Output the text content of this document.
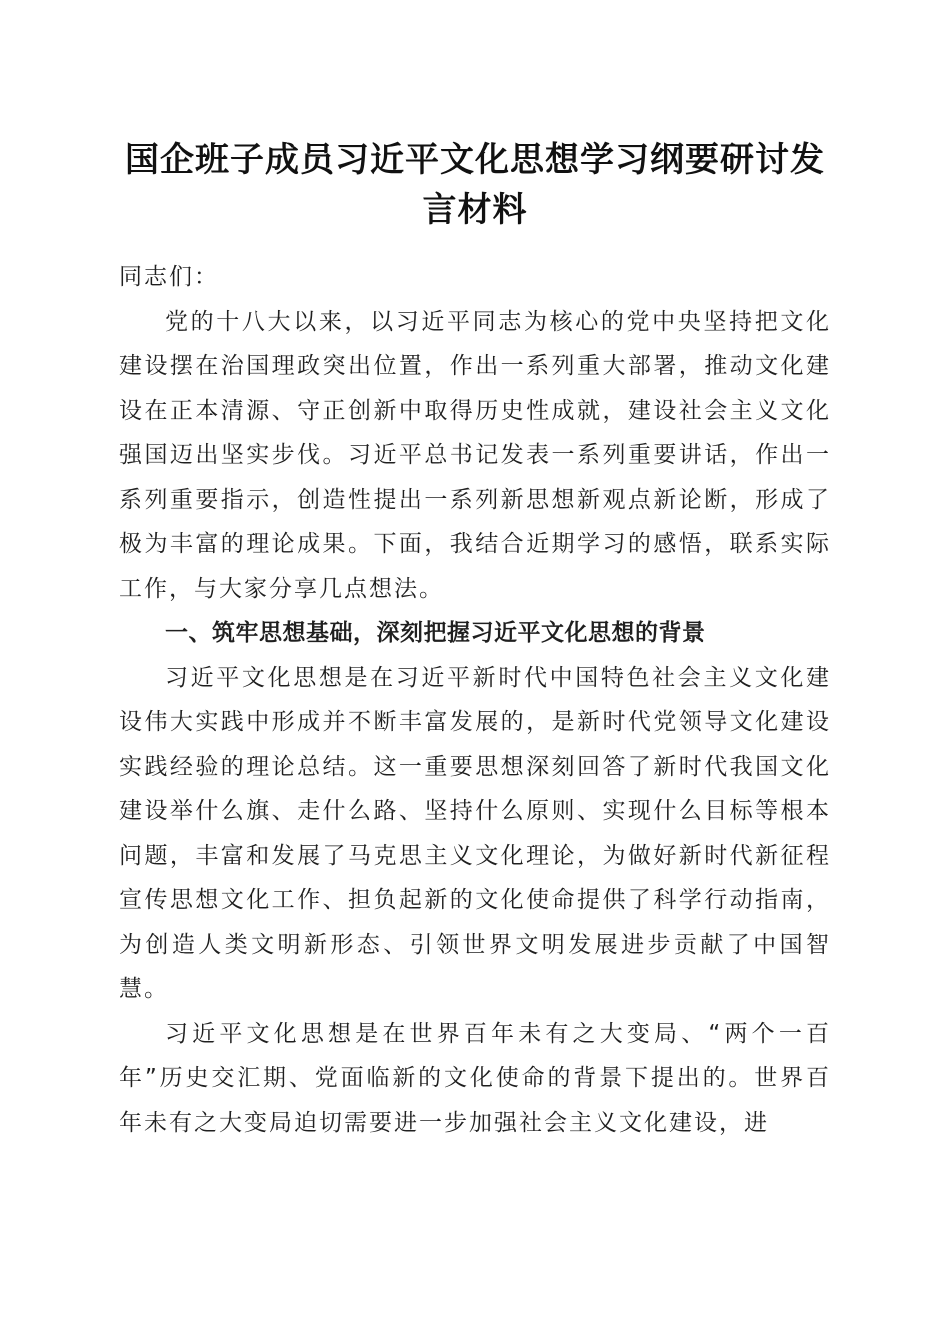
国企班子成员习近平文化思想学习纲要研讨发言材料

同志们：

党的十八大以来，以习近平同志为核心的党中央坚持把文化建设摆在治国理政突出位置，作出一系列重大部署，推动文化建设在正本清源、守正创新中取得历史性成就，建设社会主义文化强国迈出坚实步伐。习近平总书记发表一系列重要讲话，作出一系列重要指示，创造性提出一系列新思想新观点新论断，形成了极为丰富的理论成果。下面，我结合近期学习的感悟，联系实际工作，与大家分享几点想法。

一、筑牢思想基础，深刻把握习近平文化思想的背景

习近平文化思想是在习近平新时代中国特色社会主义文化建设伟大实践中形成并不断丰富发展的，是新时代党领导文化建设实践经验的理论总结。这一重要思想深刻回答了新时代我国文化建设举什么旗、走什么路、坚持什么原则、实现什么目标等根本问题，丰富和发展了马克思主义文化理论，为做好新时代新征程宣传思想文化工作、担负起新的文化使命提供了科学行动指南，为创造人类文明新形态、引领世界文明发展进步贡献了中国智慧。

习近平文化思想是在世界百年未有之大变局、“两个一百年”历史交汇期、党面临新的文化使命的背景下提出的。世界百年未有之大变局迫切需要进一步加强社会主义文化建设，进
